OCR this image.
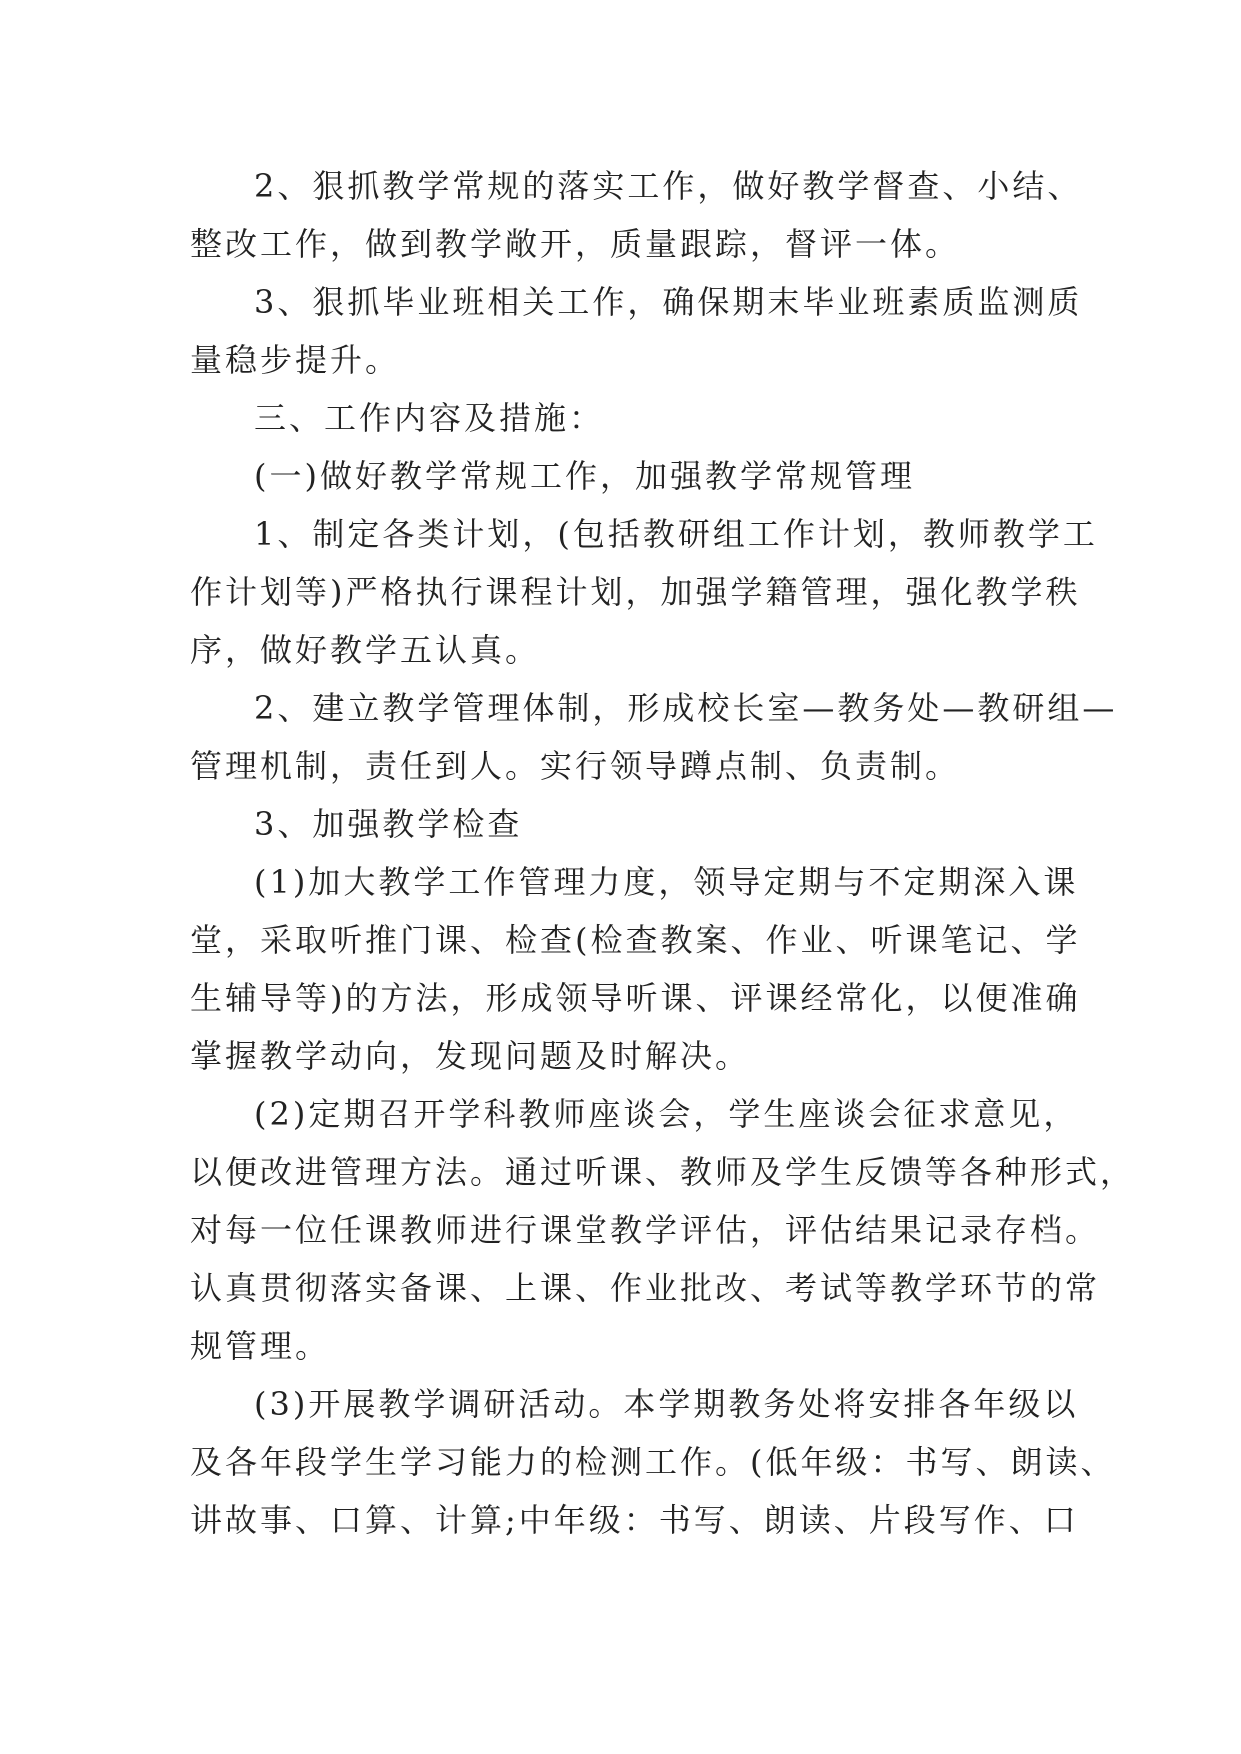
2、狠抓教学常规的落实工作，做好教学督查、小结、
整改工作，做到教学敞开，质量跟踪，督评一体。
3、狠抓毕业班相关工作，确保期末毕业班素质监测质
量稳步提升。
三、工作内容及措施：
(一)做好教学常规工作，加强教学常规管理
1、制定各类计划，(包括教研组工作计划，教师教学工
作计划等)严格执行课程计划，加强学籍管理，强化教学秩
序，做好教学五认真。
2、建立教学管理体制，形成校长室—教务处—教研组—
管理机制，责任到人。实行领导蹲点制、负责制。
3、加强教学检查
(1)加大教学工作管理力度，领导定期与不定期深入课
堂，采取听推门课、检查(检查教案、作业、听课笔记、学
生辅导等)的方法，形成领导听课、评课经常化，以便准确
掌握教学动向，发现问题及时解决。
(2)定期召开学科教师座谈会，学生座谈会征求意见，
以便改进管理方法。通过听课、教师及学生反馈等各种形式，
对每一位任课教师进行课堂教学评估，评估结果记录存档。
认真贯彻落实备课、上课、作业批改、考试等教学环节的常
规管理。
(3)开展教学调研活动。本学期教务处将安排各年级以
及各年段学生学习能力的检测工作。(低年级：书写、朗读、
讲故事、口算、计算;中年级：书写、朗读、片段写作、口
